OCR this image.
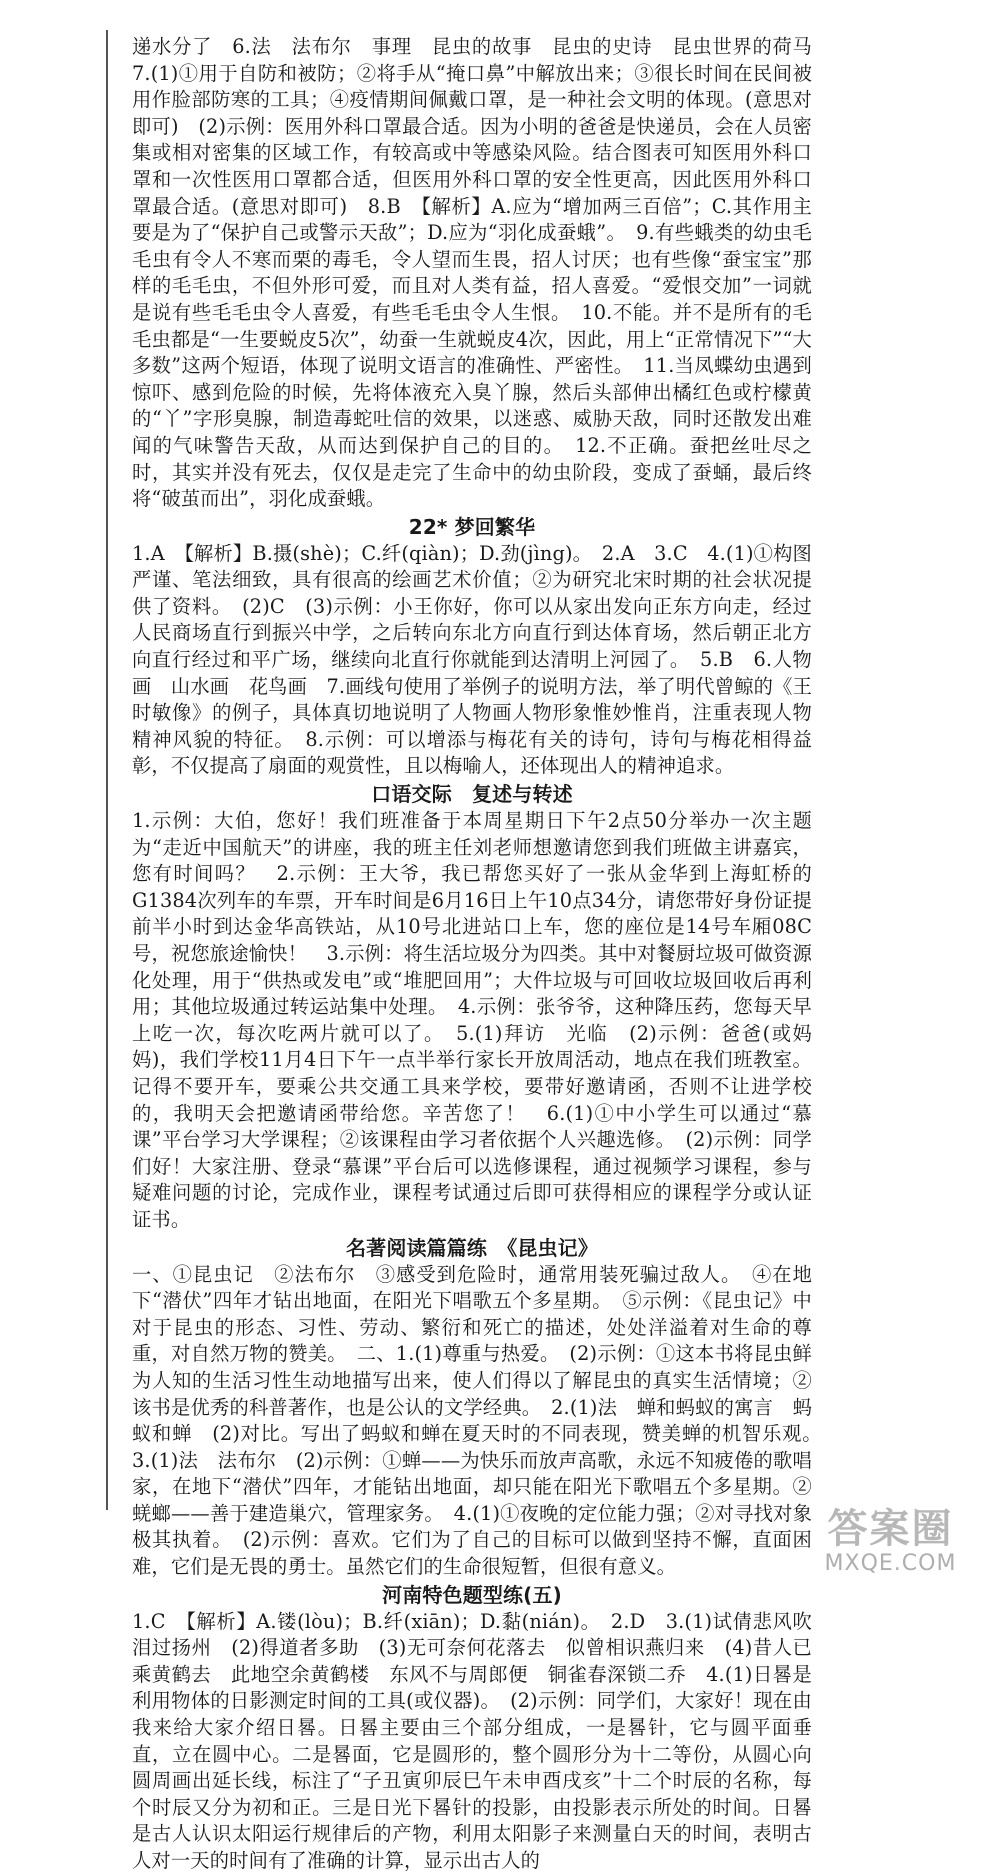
递水分了　6.法　法布尔　事理　昆虫的故事　昆虫的史诗　昆虫世界的荷马　7.(1)①用于自防和被防；②将手从“掩口鼻”中解放出来；③很长时间在民间被用作脸部防寒的工具；④疫情期间佩戴口罩，是一种社会文明的体现。(意思对即可)　(2)示例：医用外科口罩最合适。因为小明的爸爸是快递员，会在人员密集或相对密集的区域工作，有较高或中等感染风险。结合图表可知医用外科口罩和一次性医用口罩都合适，但医用外科口罩的安全性更高，因此医用外科口罩最合适。(意思对即可)　8.B　【解析】A.应为“增加两三百倍”；C.其作用主要是为了“保护自己或警示天敌”；D.应为“羽化成蚕蛾”。　9.有些蛾类的幼虫毛毛虫有令人不寒而栗的毒毛，令人望而生畏，招人讨厌；也有些像“蚕宝宝”那样的毛毛虫，不但外形可爱，而且对人类有益，招人喜爱。“爱恨交加”一词就是说有些毛毛虫令人喜爱，有些毛毛虫令人生恨。　10.不能。并不是所有的毛毛虫都是“一生要蜕皮5次”，幼蚕一生就蜕皮4次，因此，用上“正常情况下”“大多数”这两个短语，体现了说明文语言的准确性、严密性。　11.当凤蝶幼虫遇到惊吓、感到危险的时候，先将体液充入臭丫腺，然后头部伸出橘红色或柠檬黄的“丫”字形臭腺，制造毒蛇吐信的效果，以迷惑、威胁天敌，同时还散发出难闻的气味警告天敌，从而达到保护自己的目的。　12.不正确。蚕把丝吐尽之时，其实并没有死去，仅仅是走完了生命中的幼虫阶段，变成了蚕蛹，最后终将“破茧而出”，羽化成蚕蛾。

22* 梦回繁华

1.A　【解析】B.摄(shè)；C.纤(qiàn)；D.劲(jìng)。　2.A　3.C　4.(1)①构图严谨、笔法细致，具有很高的绘画艺术价值；②为研究北宋时期的社会状况提供了资料。　(2)C　(3)示例：小王你好，你可以从家出发向正东方向走，经过人民商场直行到振兴中学，之后转向东北方向直行到达体育场，然后朝正北方向直行经过和平广场，继续向北直行你就能到达清明上河园了。　5.B　6.人物画　山水画　花鸟画　7.画线句使用了举例子的说明方法，举了明代曾鲸的《王时敏像》的例子，具体真切地说明了人物画人物形象惟妙惟肖，注重表现人物精神风貌的特征。　8.示例：可以增添与梅花有关的诗句，诗句与梅花相得益彰，不仅提高了扇面的观赏性，且以梅喻人，还体现出人的精神追求。

口语交际　复述与转述

1.示例：大伯，您好！我们班准备于本周星期日下午2点50分举办一次主题为“走近中国航天”的讲座，我的班主任刘老师想邀请您到我们班做主讲嘉宾，您有时间吗？　2.示例：王大爷，我已帮您买好了一张从金华到上海虹桥的G1384次列车的车票，开车时间是6月16日上午10点34分，请您带好身份证提前半小时到达金华高铁站，从10号北进站口上车，您的座位是14号车厢08C号，祝您旅途愉快！　3.示例：将生活垃圾分为四类。其中对餐厨垃圾可做资源化处理，用于“供热或发电”或“堆肥回用”；大件垃圾与可回收垃圾回收后再利用；其他垃圾通过转运站集中处理。　4.示例：张爷爷，这种降压药，您每天早上吃一次，每次吃两片就可以了。　5.(1)拜访　光临　(2)示例：爸爸(或妈妈)，我们学校11月4日下午一点半举行家长开放周活动，地点在我们班教室。记得不要开车，要乘公共交通工具来学校，要带好邀请函，否则不让进学校的，我明天会把邀请函带给您。辛苦您了！　6.(1)①中小学生可以通过“慕课”平台学习大学课程；②该课程由学习者依据个人兴趣选修。　(2)示例：同学们好！大家注册、登录“慕课”平台后可以选修课程，通过视频学习课程，参与疑难问题的讨论，完成作业，课程考试通过后即可获得相应的课程学分或认证证书。

名著阅读篇篇练　《昆虫记》

一、①昆虫记　②法布尔　③感受到危险时，通常用装死骗过敌人。　④在地下“潜伏”四年才钻出地面，在阳光下唱歌五个多星期。　⑤示例：《昆虫记》中对于昆虫的形态、习性、劳动、繁衍和死亡的描述，处处洋溢着对生命的尊重，对自然万物的赞美。　二、1.(1)尊重与热爱。　(2)示例：①这本书将昆虫鲜为人知的生活习性生动地描写出来，使人们得以了解昆虫的真实生活情境；②该书是优秀的科普著作，也是公认的文学经典。　2.(1)法　蝉和蚂蚁的寓言　蚂蚁和蝉　(2)对比。写出了蚂蚁和蝉在夏天时的不同表现，赞美蝉的机智乐观。　3.(1)法　法布尔　(2)示例：①蝉——为快乐而放声高歌，永远不知疲倦的歌唱家，在地下“潜伏”四年，才能钻出地面，却只能在阳光下歌唱五个多星期。②蜣螂——善于建造巢穴，管理家务。　4.(1)①夜晚的定位能力强；②对寻找对象极其执着。　(2)示例：喜欢。它们为了自己的目标可以做到坚持不懈，直面困难，它们是无畏的勇士。虽然它们的生命很短暂，但很有意义。

河南特色题型练(五)

1.C　【解析】A.镂(lòu)；B.纤(xiān)；D.黏(nián)。　2.D　3.(1)试倩悲风吹泪过扬州　(2)得道者多助　(3)无可奈何花落去　似曾相识燕归来　(4)昔人已乘黄鹤去　此地空余黄鹤楼　东风不与周郎便　铜雀春深锁二乔　4.(1)日晷是利用物体的日影测定时间的工具(或仪器)。　(2)示例：同学们，大家好！现在由我来给大家介绍日晷。日晷主要由三个部分组成，一是晷针，它与圆平面垂直，立在圆中心。二是晷面，它是圆形的，整个圆形分为十二等份，从圆心向圆周画出延长线，标注了“子丑寅卯辰巳午未申酉戌亥”十二个时辰的名称，每个时辰又分为初和正。三是日光下晷针的投影，由投影表示所处的时间。日晷是古人认识太阳运行规律后的产物，利用太阳影子来测量白天的时间，表明古人对一天的时间有了准确的计算，显示出古人的

答案圈
MXQE.COM
